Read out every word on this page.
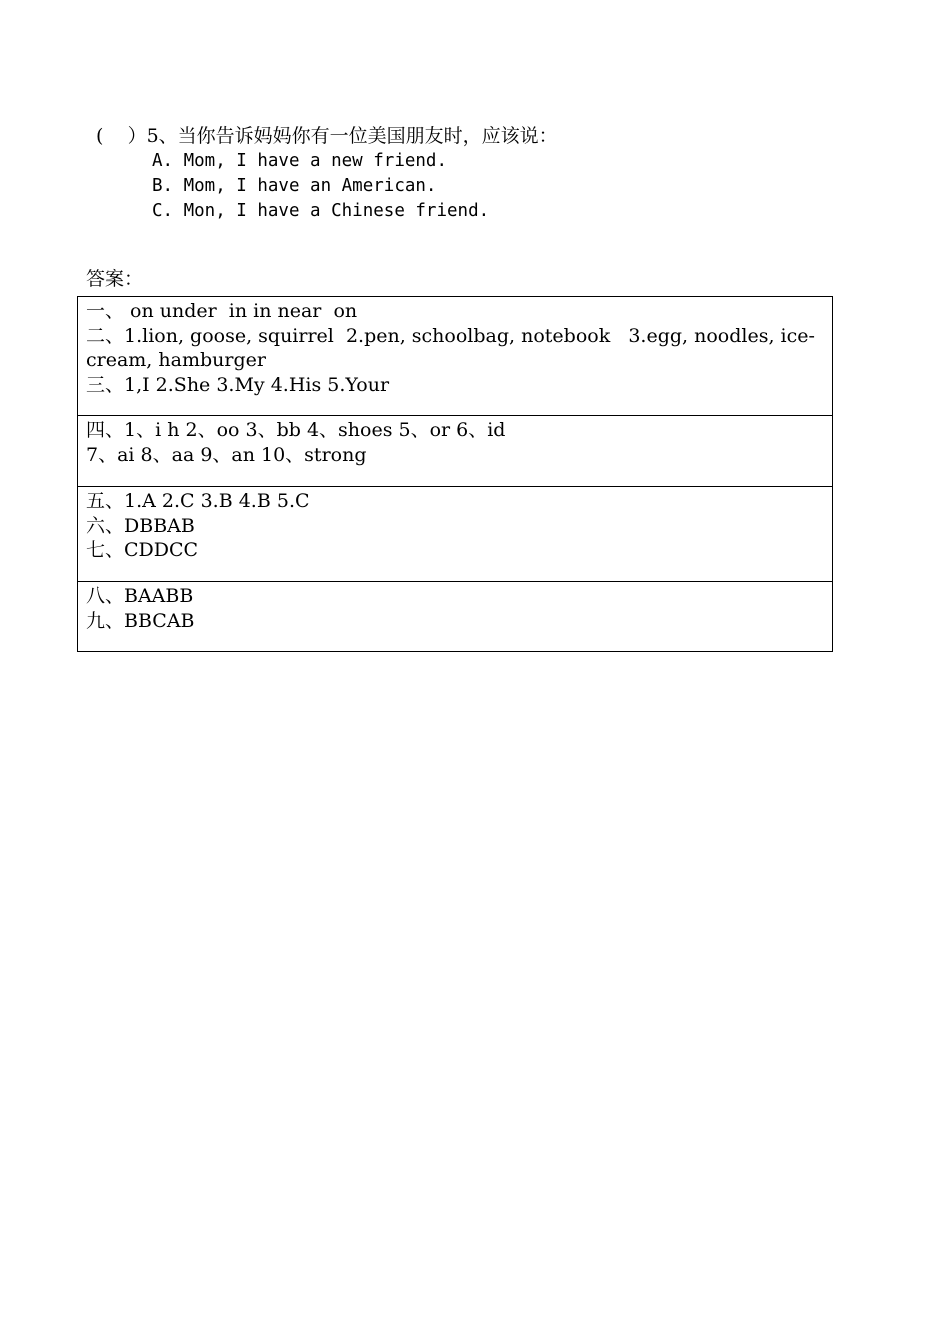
(    ）5、当你告诉妈妈你有一位美国朋友时，应该说：
A. Mom, I have a new friend.
B. Mom, I have an American.
C. Mon, I have a Chinese friend.
答案：
一、 on under  in in near  on
二、1.lion, goose, squirrel  2.pen, schoolbag, notebook   3.egg, noodles, ice-cream, hamburger
三、1,I 2.She 3.My 4.His 5.Your

四、1、i h 2、oo 3、bb 4、shoes 5、or 6、id
7、ai 8、aa 9、an 10、strong

五、1.A 2.C 3.B 4.B 5.C
六、DBBAB
七、CDDCC

八、BAABB
九、BBCAB
